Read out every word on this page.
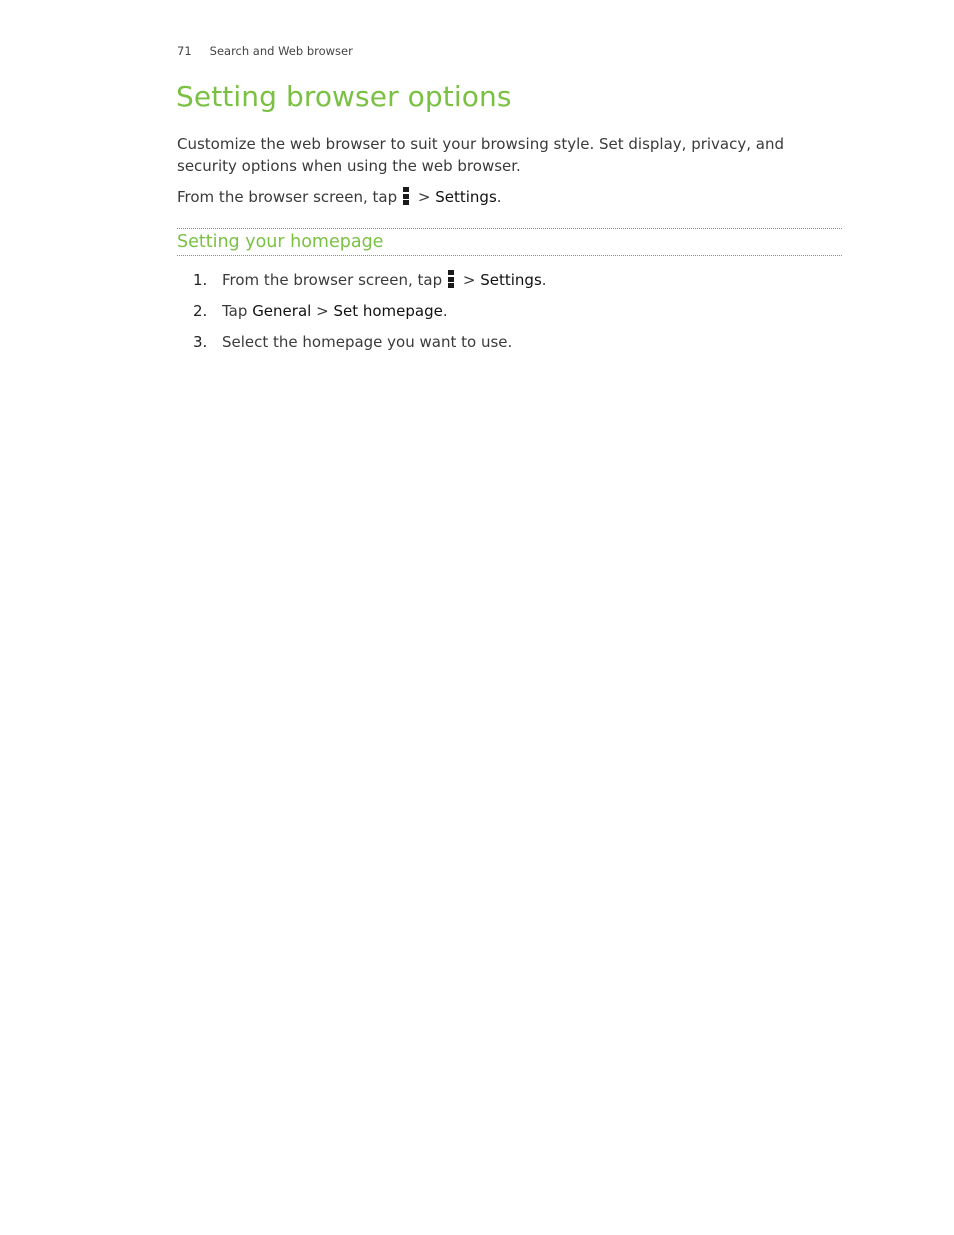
71 Search and Web browser
Setting browser options

Customize the web browser to suit your browsing style. Set display, privacy, and security options when using the web browser.

From the browser screen, tap > Settings.

Setting your homepage
1. From the browser screen, tap > Settings.
2. Tap General > Set homepage.
3. Select the homepage you want to use.
